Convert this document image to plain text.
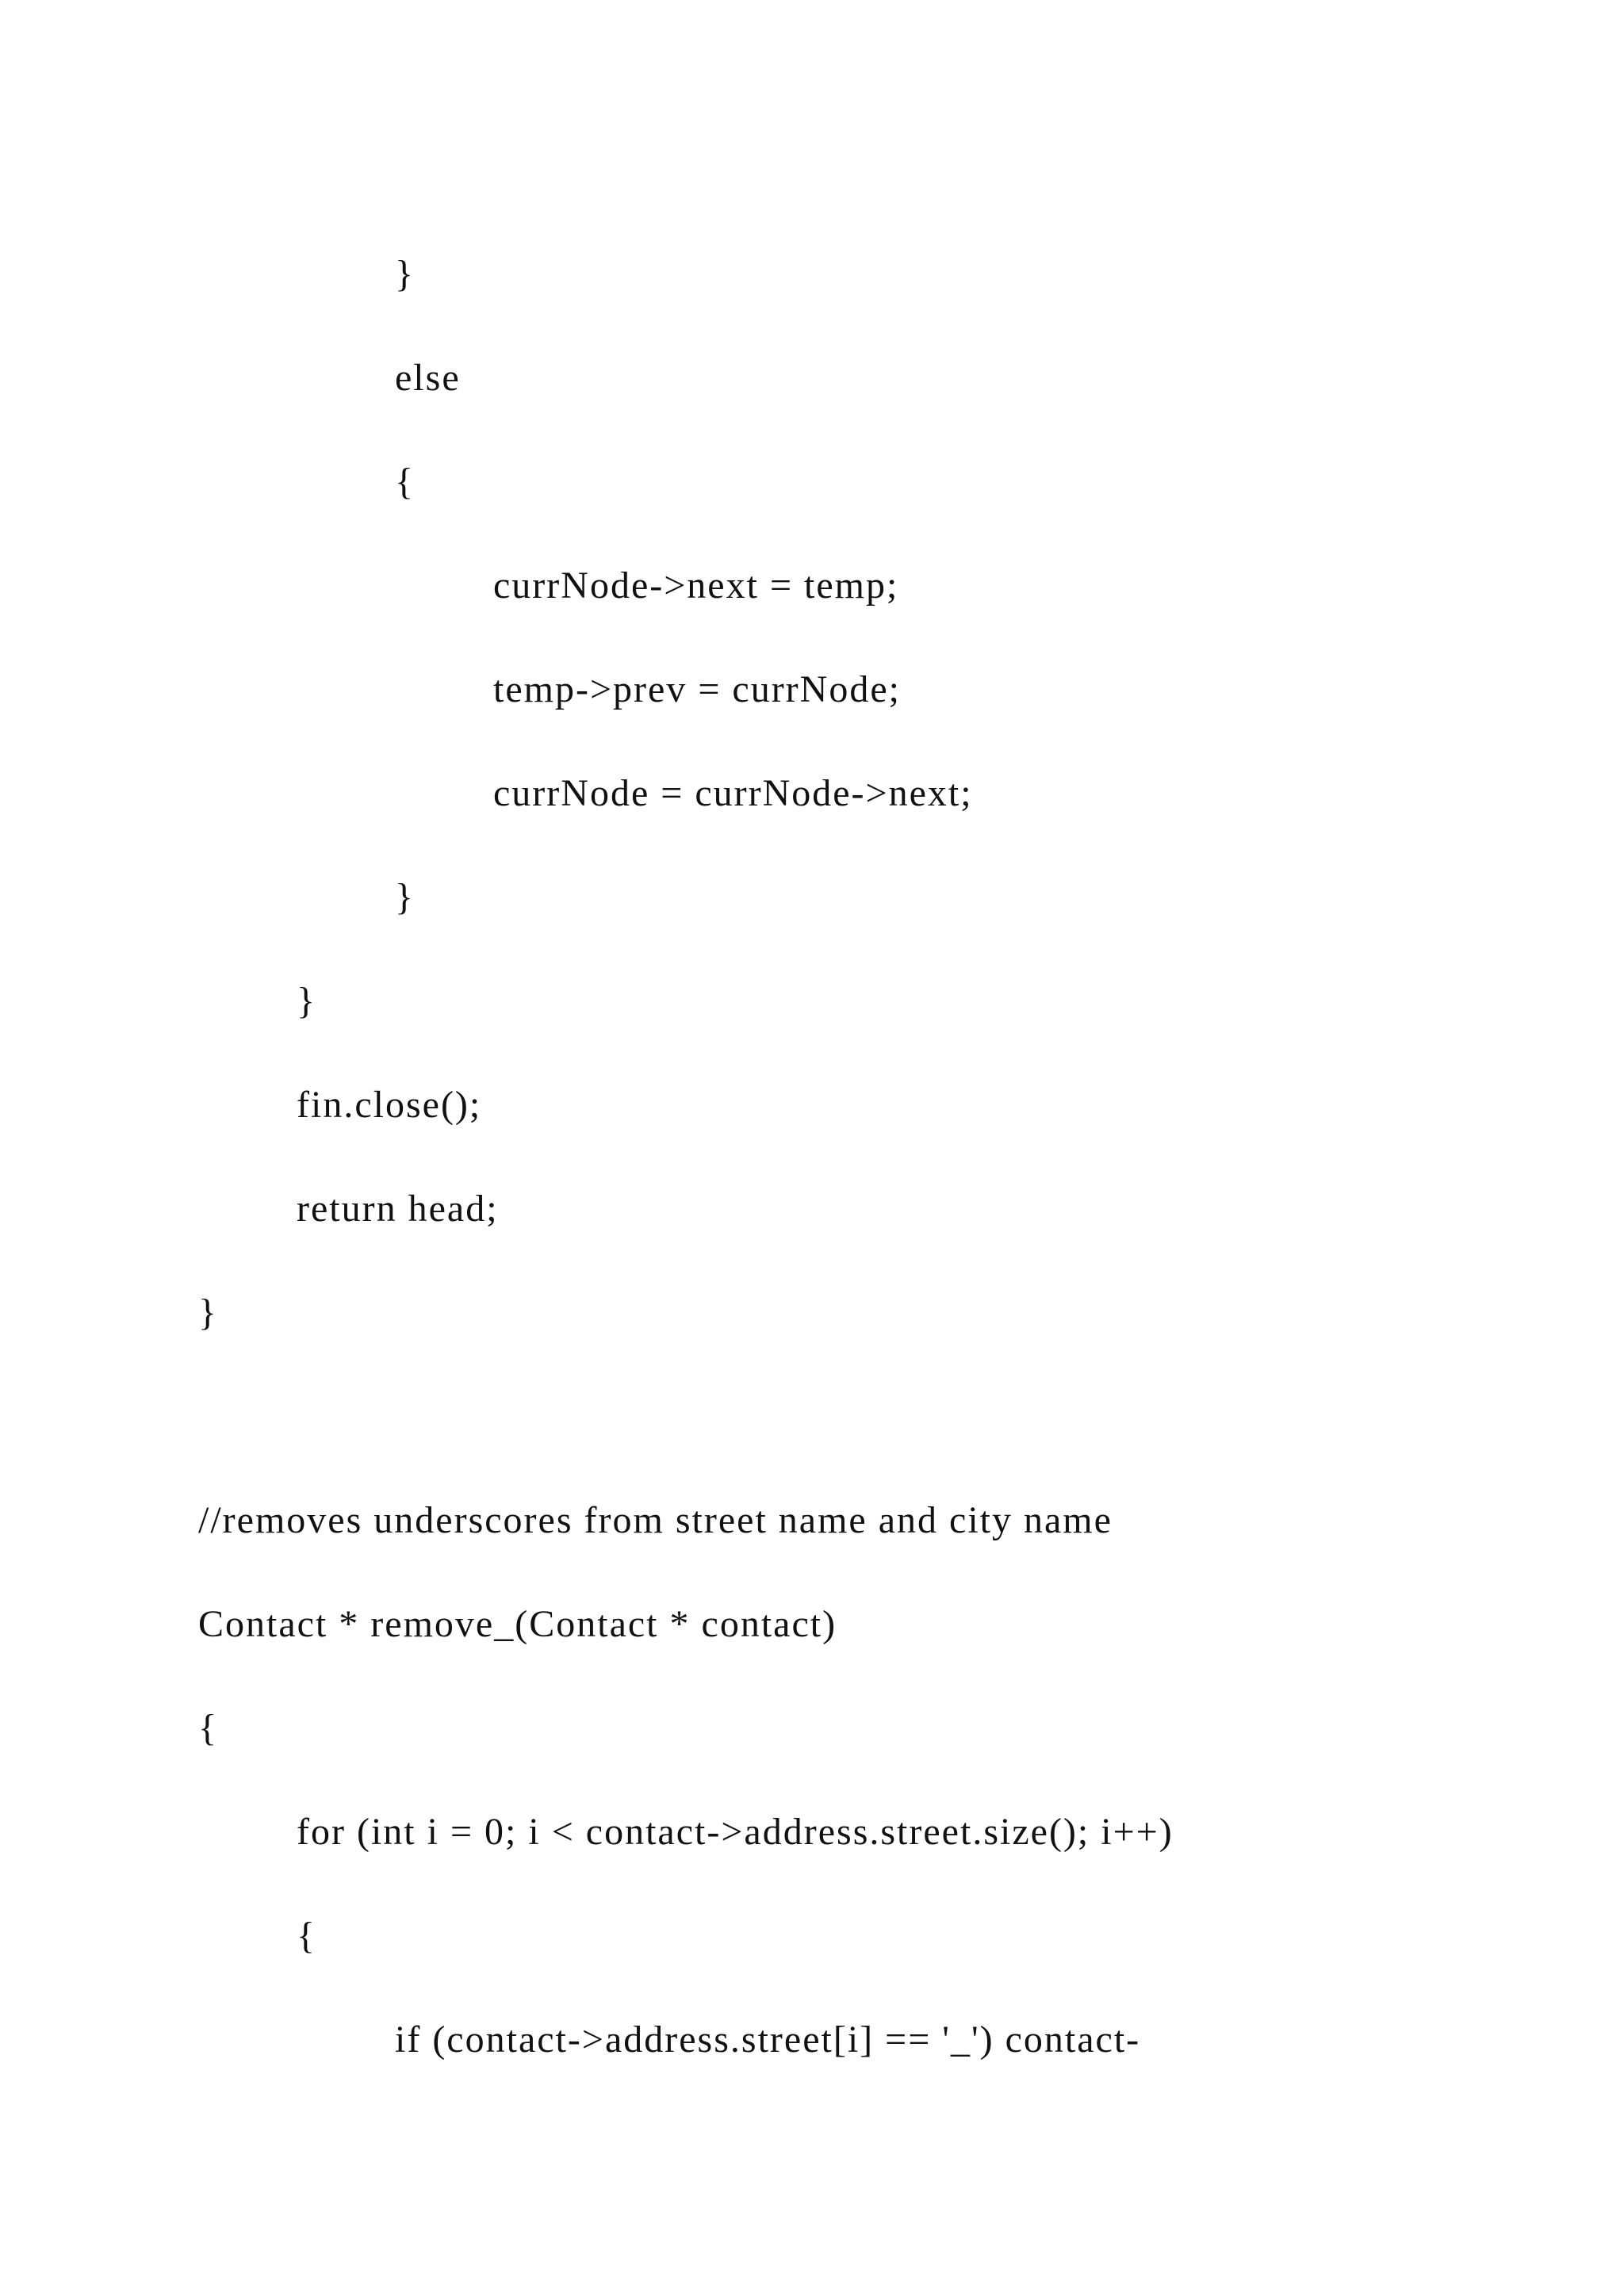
}
else
{
currNode->next = temp;
temp->prev = currNode;
currNode = currNode->next;
}
}
fin.close();
return head;
}
//removes underscores from street name and city name
Contact * remove_(Contact * contact)
{
for (int i = 0; i < contact->address.street.size(); i++)
{
if (contact->address.street[i] == '_') contact-
